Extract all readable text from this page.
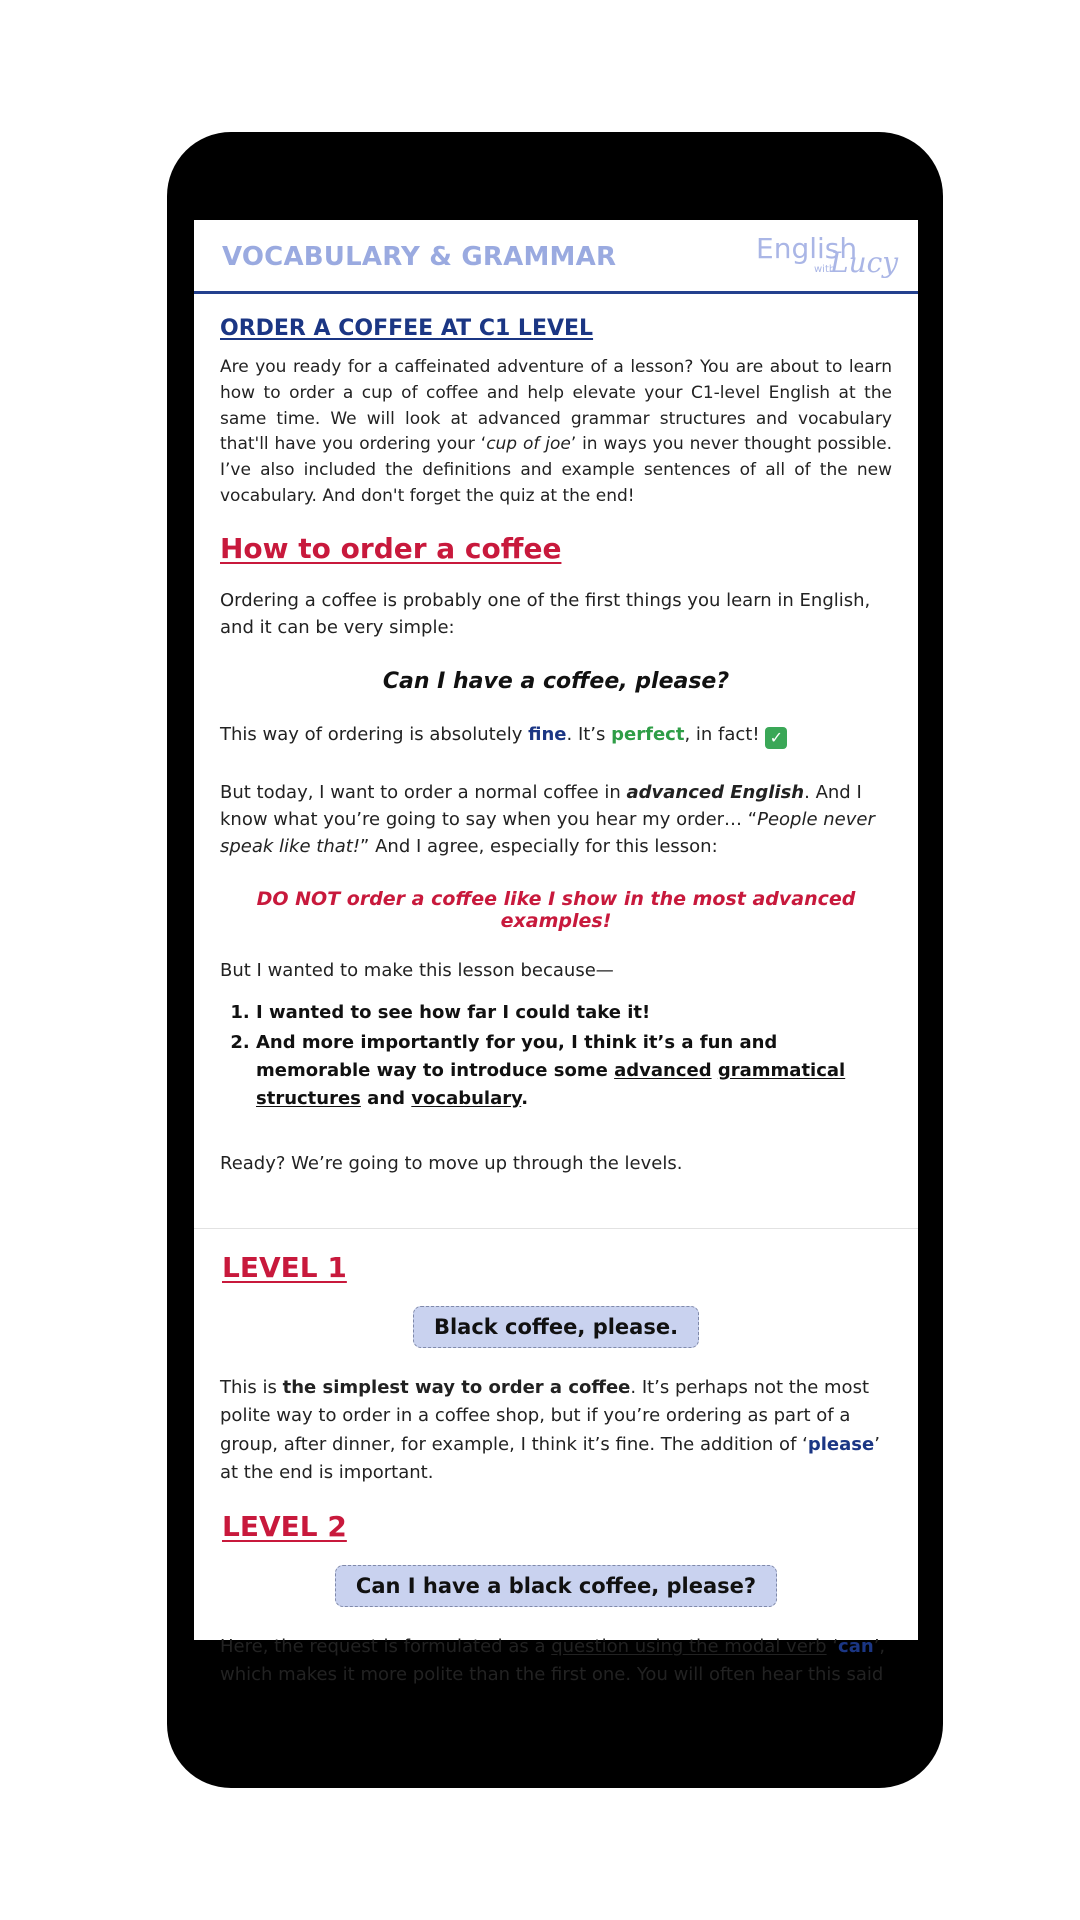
VOCABULARY & GRAMMAR	English
with
Lucy
ORDER A COFFEE AT C1 LEVEL

Are you ready for a caffeinated adventure of a lesson? You are about to learn how to order a cup of coffee and help elevate your C1-level English at the same time. We will look at advanced grammar structures and vocabulary that'll have you ordering your ‘cup of joe’ in ways you never thought possible. I’ve also included the definitions and example sentences of all of the new vocabulary. And don't forget the quiz at the end!

How to order a coffee

Ordering a coffee is probably one of the first things you learn in English, and it can be very simple:

Can I have a coffee, please?
This way of ordering is absolutely fine. It’s perfect, in fact! ✓

But today, I want to order a normal coffee in advanced English. And I know what you’re going to say when you hear my order… “People never speak like that!” And I agree, especially for this lesson:

DO NOT order a coffee like I show in the most advanced examples!
But I wanted to make this lesson because—
1. I wanted to see how far I could take it!
2. And more importantly for you, I think it’s a fun and memorable way to introduce some advanced grammatical structures and vocabulary.
Ready? We’re going to move up through the levels.
LEVEL 1
Black coffee, please.

This is the simplest way to order a coffee. It’s perhaps not the most polite way to order in a coffee shop, but if you’re ordering as part of a group, after dinner, for example, I think it’s fine. The addition of ‘please’ at the end is important.

LEVEL 2
Can I have a black coffee, please?

Here, the request is formulated as a question using the modal verb ‘can’,
which makes it more polite than the first one. You will often hear this said
